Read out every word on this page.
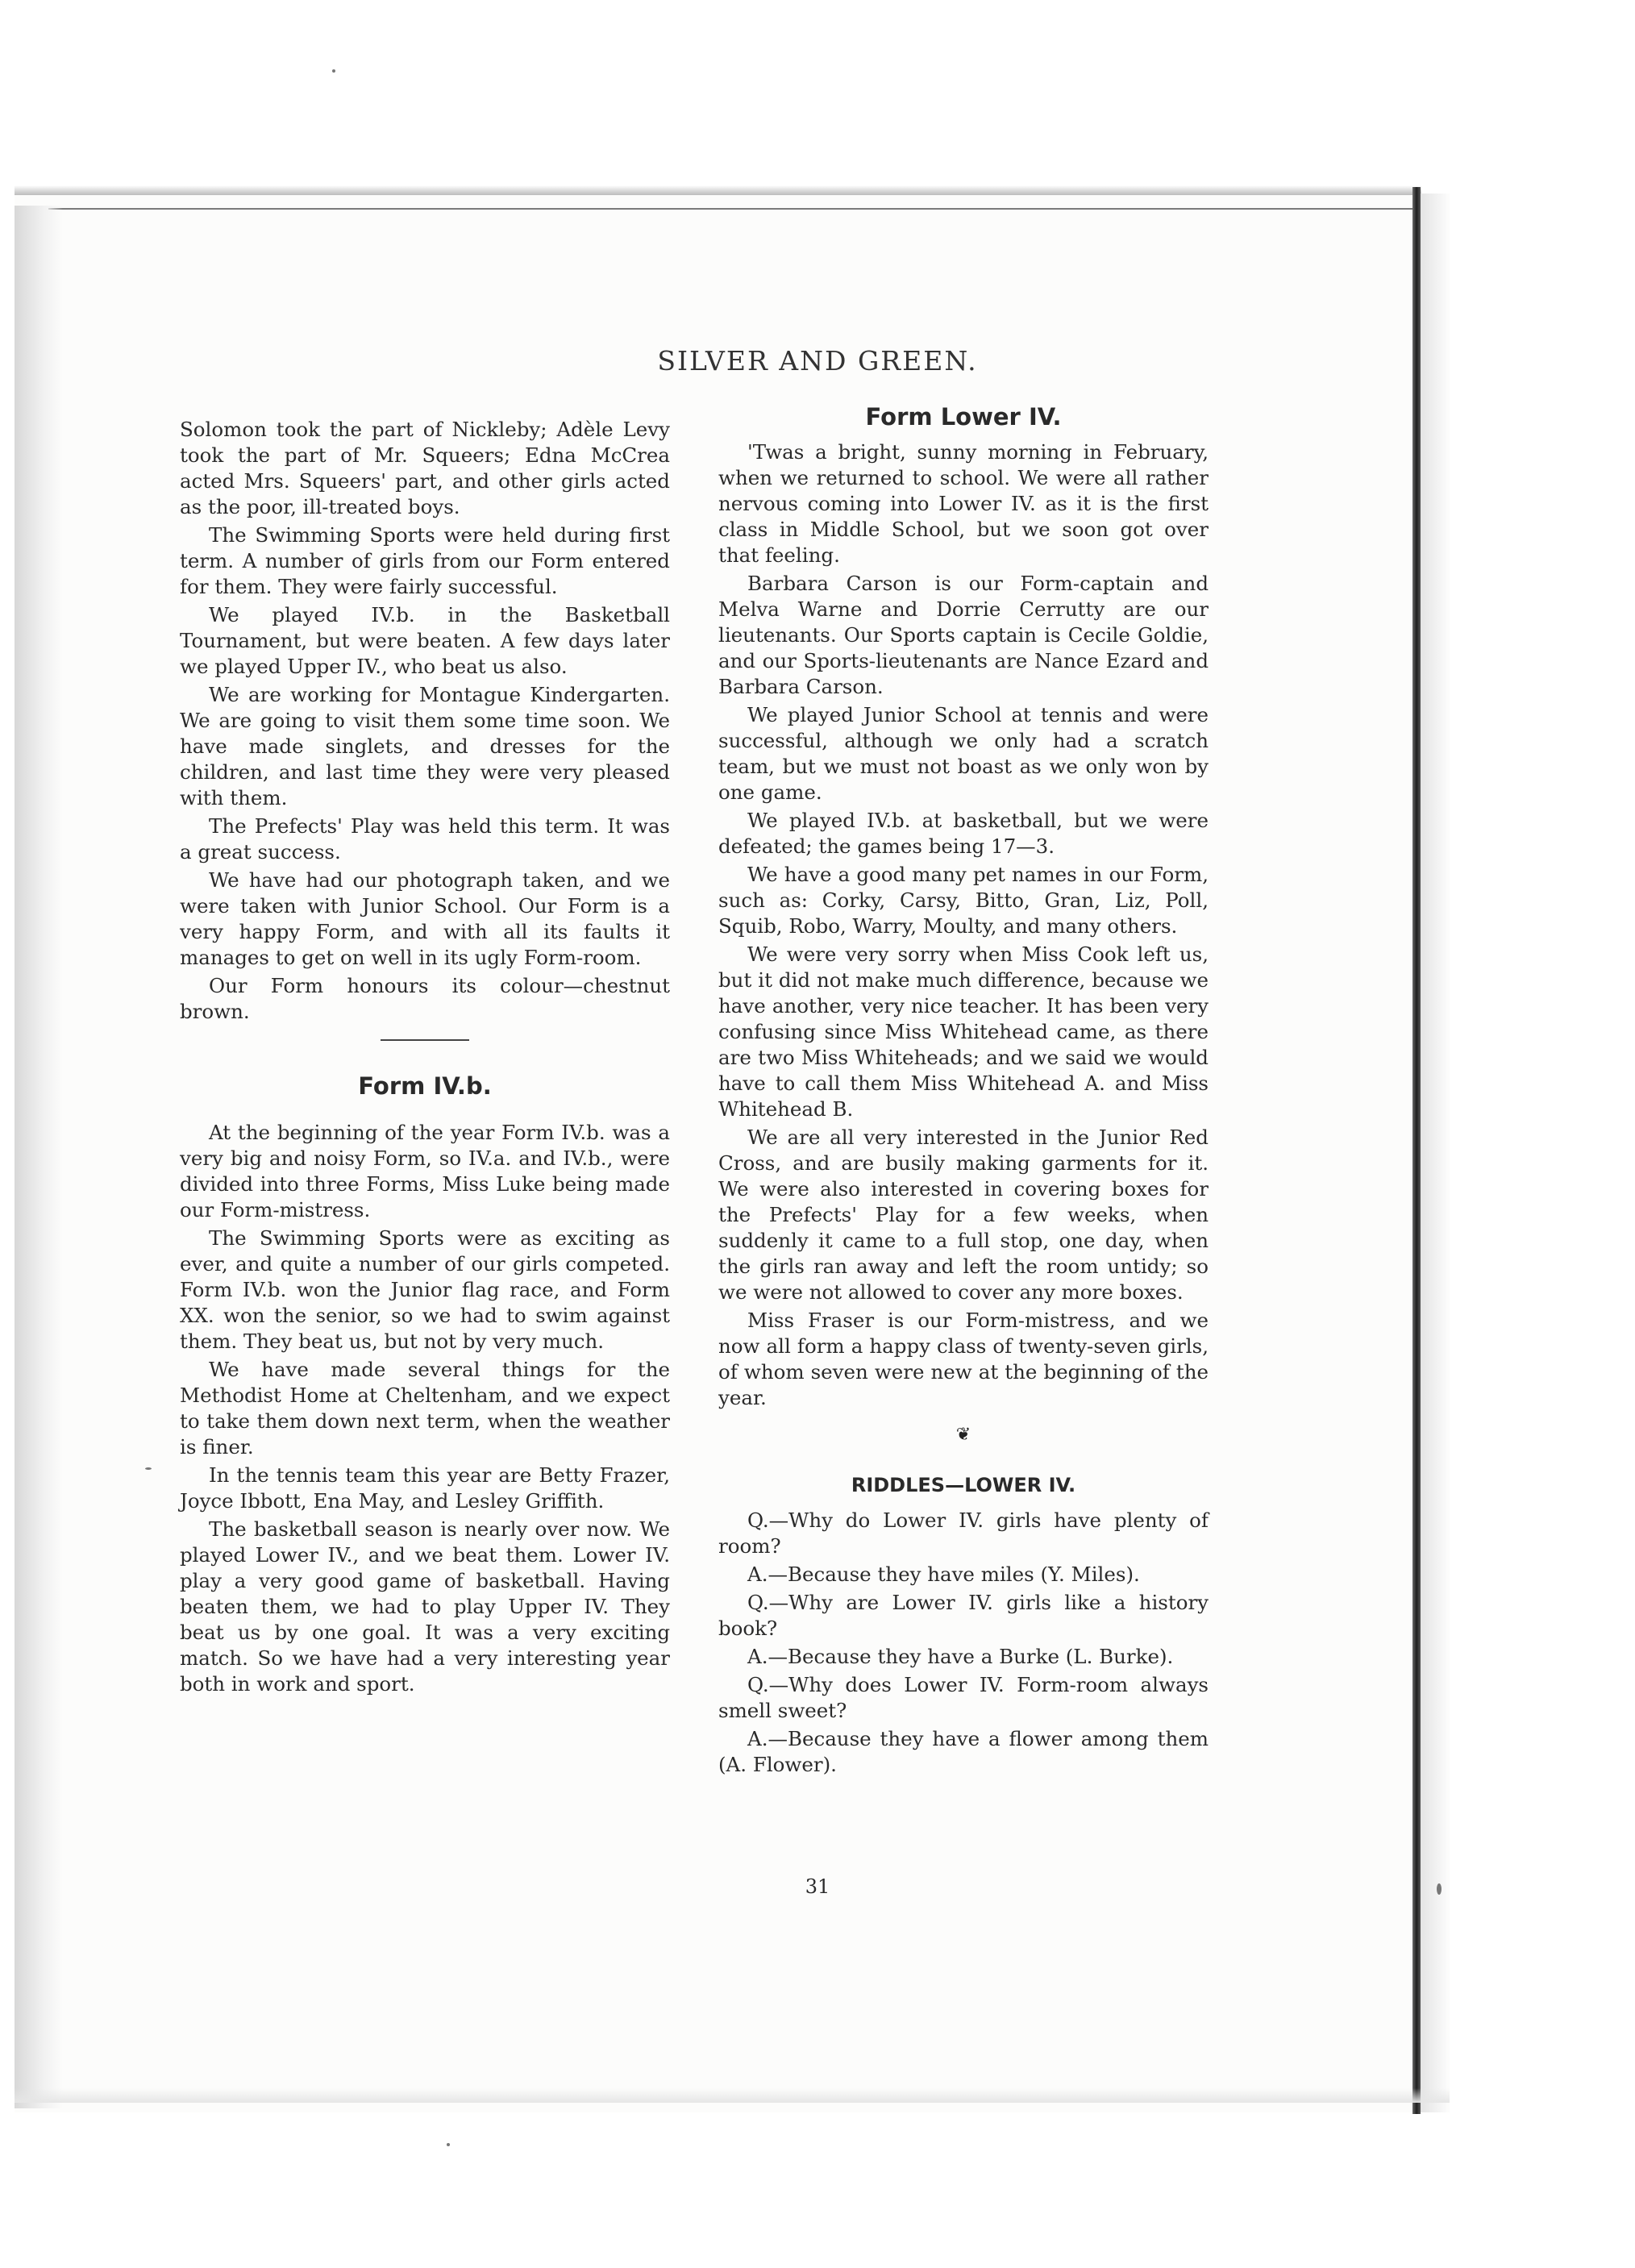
SILVER AND GREEN.

Solomon took the part of Nickleby; Adèle Levy took the part of Mr. Squeers; Edna McCrea acted Mrs. Squeers' part, and other girls acted as the poor, ill-treated boys.

The Swimming Sports were held during first term. A number of girls from our Form entered for them. They were fairly successful.

We played IV.b. in the Basketball Tournament, but were beaten. A few days later we played Upper IV., who beat us also.

We are working for Montague Kindergarten. We are going to visit them some time soon. We have made singlets, and dresses for the children, and last time they were very pleased with them.

The Prefects' Play was held this term. It was a great success.

We have had our photograph taken, and we were taken with Junior School. Our Form is a very happy Form, and with all its faults it manages to get on well in its ugly Form-room.

Our Form honours its colour—chestnut brown.

Form IV.b.

At the beginning of the year Form IV.b. was a very big and noisy Form, so IV.a. and IV.b., were divided into three Forms, Miss Luke being made our Form-mistress.

The Swimming Sports were as exciting as ever, and quite a number of our girls competed. Form IV.b. won the Junior flag race, and Form XX. won the senior, so we had to swim against them. They beat us, but not by very much.

We have made several things for the Methodist Home at Cheltenham, and we expect to take them down next term, when the weather is finer.

In the tennis team this year are Betty Frazer, Joyce Ibbott, Ena May, and Lesley Griffith.

The basketball season is nearly over now. We played Lower IV., and we beat them. Lower IV. play a very good game of basketball. Having beaten them, we had to play Upper IV. They beat us by one goal. It was a very exciting match. So we have had a very interesting year both in work and sport.

Form Lower IV.

'Twas a bright, sunny morning in February, when we returned to school. We were all rather nervous coming into Lower IV. as it is the first class in Middle School, but we soon got over that feeling.

Barbara Carson is our Form-captain and Melva Warne and Dorrie Cerrutty are our lieutenants. Our Sports captain is Cecile Goldie, and our Sports-lieutenants are Nance Ezard and Barbara Carson.

We played Junior School at tennis and were successful, although we only had a scratch team, but we must not boast as we only won by one game.

We played IV.b. at basketball, but we were defeated; the games being 17—3.

We have a good many pet names in our Form, such as: Corky, Carsy, Bitto, Gran, Liz, Poll, Squib, Robo, Warry, Moulty, and many others.

We were very sorry when Miss Cook left us, but it did not make much difference, because we have another, very nice teacher. It has been very confusing since Miss Whitehead came, as there are two Miss Whiteheads; and we said we would have to call them Miss Whitehead A. and Miss Whitehead B.

We are all very interested in the Junior Red Cross, and are busily making garments for it. We were also interested in covering boxes for the Prefects' Play for a few weeks, when suddenly it came to a full stop, one day, when the girls ran away and left the room untidy; so we were not allowed to cover any more boxes.

Miss Fraser is our Form-mistress, and we now all form a happy class of twenty-seven girls, of whom seven were new at the beginning of the year.

❦
RIDDLES—LOWER IV.

Q.—Why do Lower IV. girls have plenty of room?

A.—Because they have miles (Y. Miles).

Q.—Why are Lower IV. girls like a history book?

A.—Because they have a Burke (L. Burke).

Q.—Why does Lower IV. Form-room always smell sweet?

A.—Because they have a flower among them (A. Flower).

31
